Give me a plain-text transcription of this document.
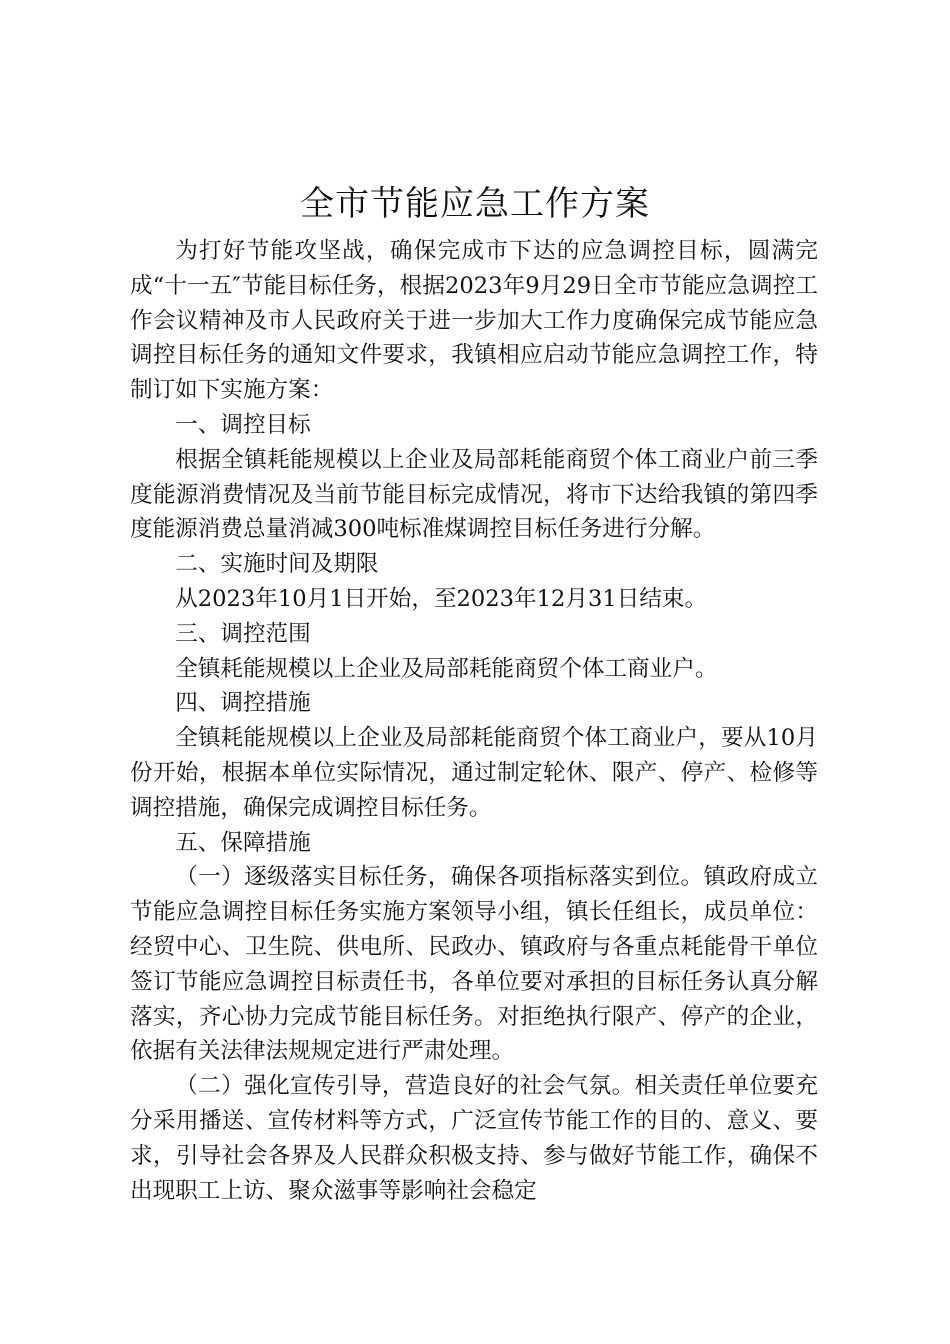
全市节能应急工作方案

为打好节能攻坚战，确保完成市下达的应急调控目标，圆满完成“十一五″节能目标任务，根据2023年9月29日全市节能应急调控工作会议精神及市人民政府关于进一步加大工作力度确保完成节能应急调控目标任务的通知文件要求，我镇相应启动节能应急调控工作，特制订如下实施方案：

一、调控目标

根据全镇耗能规模以上企业及局部耗能商贸个体工商业户前三季度能源消费情况及当前节能目标完成情况，将市下达给我镇的第四季度能源消费总量消减300吨标准煤调控目标任务进行分解。

二、实施时间及期限

从2023年10月1日开始，至2023年12月31日结束。

三、调控范围

全镇耗能规模以上企业及局部耗能商贸个体工商业户。

四、调控措施

全镇耗能规模以上企业及局部耗能商贸个体工商业户，要从10月份开始，根据本单位实际情况，通过制定轮休、限产、停产、检修等调控措施，确保完成调控目标任务。

五、保障措施

（一）逐级落实目标任务，确保各项指标落实到位。镇政府成立节能应急调控目标任务实施方案领导小组，镇长任组长，成员单位：经贸中心、卫生院、供电所、民政办、镇政府与各重点耗能骨干单位签订节能应急调控目标责任书，各单位要对承担的目标任务认真分解落实，齐心协力完成节能目标任务。对拒绝执行限产、停产的企业，依据有关法律法规规定进行严肃处理。

（二）强化宣传引导，营造良好的社会气氛。相关责任单位要充分采用播送、宣传材料等方式，广泛宣传节能工作的目的、意义、要求，引导社会各界及人民群众积极支持、参与做好节能工作，确保不出现职工上访、聚众滋事等影响社会稳定
